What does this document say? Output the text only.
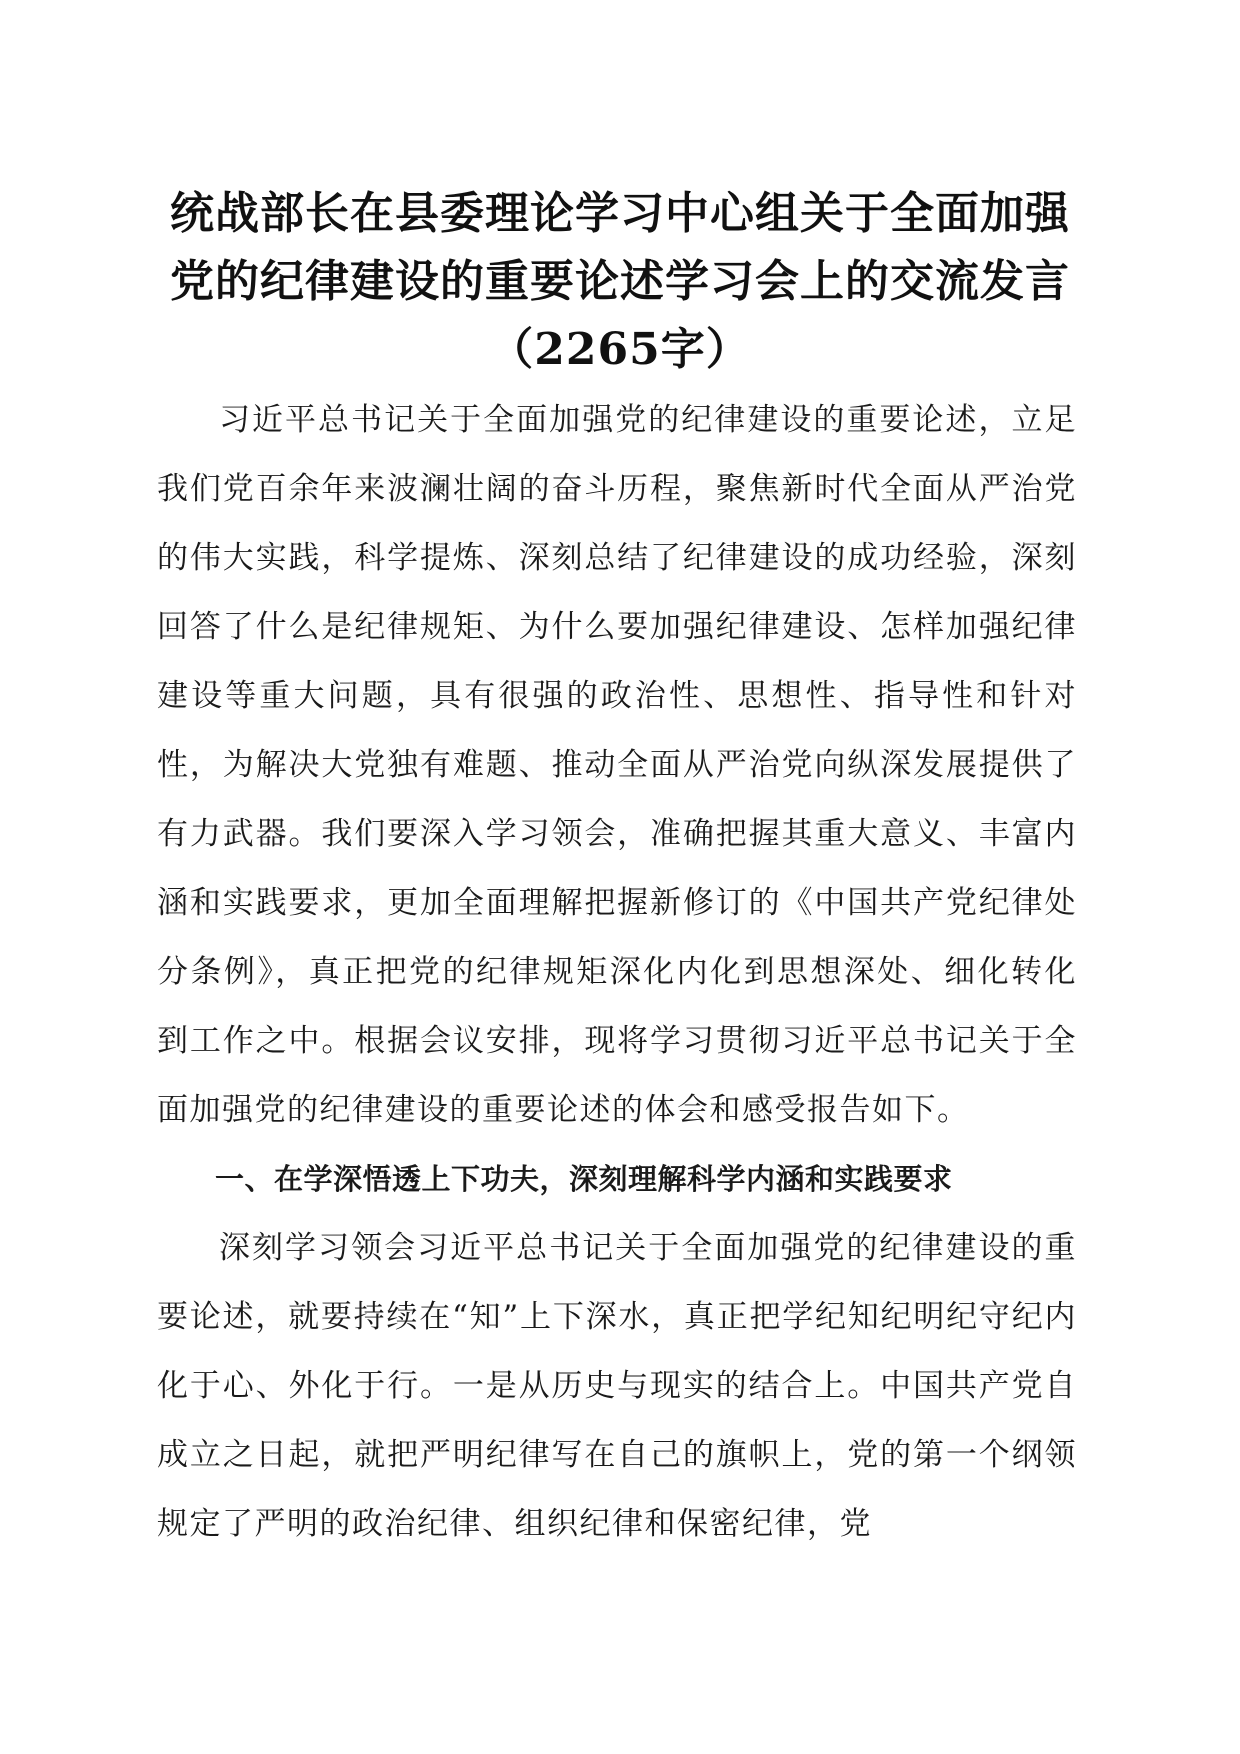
统战部长在县委理论学习中心组关于全面加强
党的纪律建设的重要论述学习会上的交流发言
（2265字）

习近平总书记关于全面加强党的纪律建设的重要论述，立足我们党百余年来波澜壮阔的奋斗历程，聚焦新时代全面从严治党的伟大实践，科学提炼、深刻总结了纪律建设的成功经验，深刻回答了什么是纪律规矩、为什么要加强纪律建设、怎样加强纪律建设等重大问题，具有很强的政治性、思想性、指导性和针对性，为解决大党独有难题、推动全面从严治党向纵深发展提供了有力武器。我们要深入学习领会，准确把握其重大意义、丰富内涵和实践要求，更加全面理解把握新修订的《中国共产党纪律处分条例》，真正把党的纪律规矩深化内化到思想深处、细化转化到工作之中。根据会议安排，现将学习贯彻习近平总书记关于全面加强党的纪律建设的重要论述的体会和感受报告如下。

一、在学深悟透上下功夫，深刻理解科学内涵和实践要求

深刻学习领会习近平总书记关于全面加强党的纪律建设的重要论述，就要持续在“知”上下深水，真正把学纪知纪明纪守纪内化于心、外化于行。一是从历史与现实的结合上。中国共产党自成立之日起，就把严明纪律写在自己的旗帜上，党的第一个纲领规定了严明的政治纪律、组织纪律和保密纪律，党
